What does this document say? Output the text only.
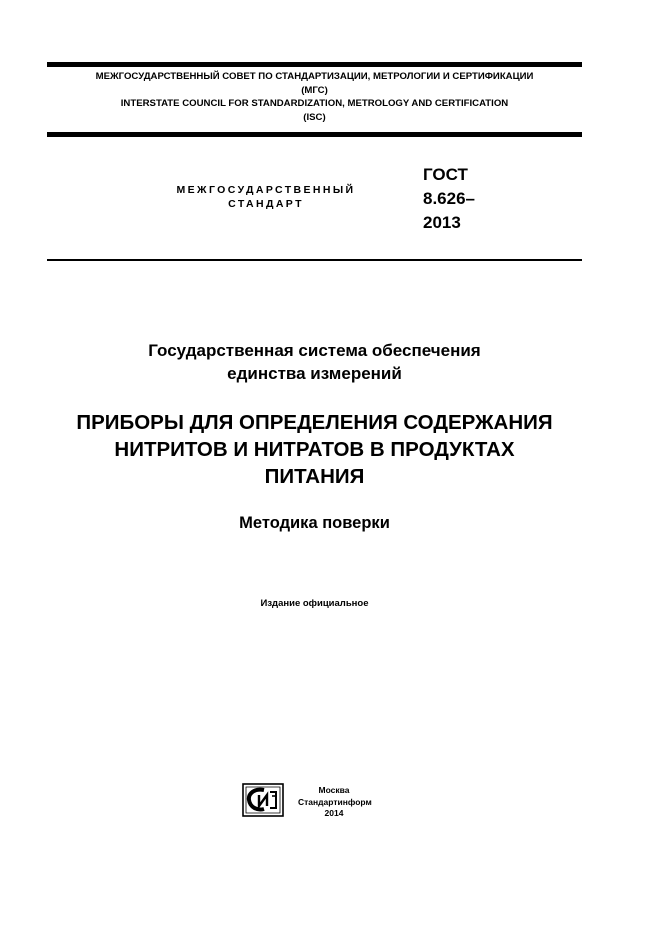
МЕЖГОСУДАРСТВЕННЫЙ СОВЕТ ПО СТАНДАРТИЗАЦИИ, МЕТРОЛОГИИ И СЕРТИФИКАЦИИ
(МГС)
INTERSTATE COUNCIL FOR STANDARDIZATION, METROLOGY AND CERTIFICATION
(ISC)
МЕЖГОСУДАРСТВЕННЫЙ
СТАНДАРТ
ГОСТ
8.626–
2013
Государственная система обеспечения
единства измерений
ПРИБОРЫ ДЛЯ ОПРЕДЕЛЕНИЯ СОДЕРЖАНИЯ
НИТРИТОВ И НИТРАТОВ В ПРОДУКТАХ
ПИТАНИЯ
Методика поверки
Издание официальное
Москва
Стандартинформ
2014
